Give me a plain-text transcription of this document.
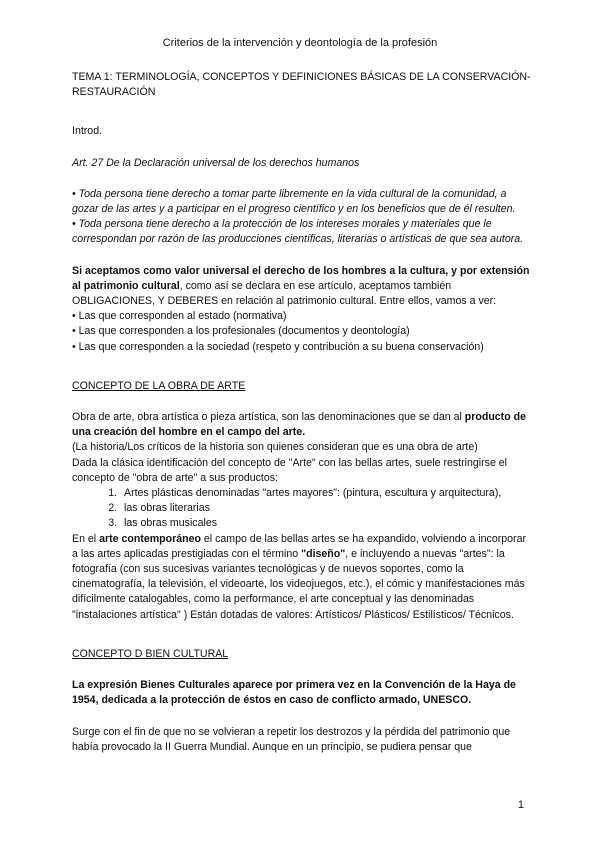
Criterios de la intervención y deontología de la profesión

TEMA 1: TERMINOLOGÍA, CONCEPTOS Y DEFINICIONES BÁSICAS DE LA CONSERVACIÓN-RESTAURACIÓN

Introd.

Art. 27 De la Declaración universal de los derechos humanos

• Toda persona tiene derecho a tomar parte libremente en la vida cultural de la comunidad, a gozar de las artes y a participar en el progreso científico y en los beneficios que de él resulten.

• Toda persona tiene derecho a la protección de los intereses morales y materiales que le correspondan por razón de las producciones científicas, literarias o artísticas de que sea autora.

Si aceptamos como valor universal el derecho de los hombres a la cultura, y por extensión al patrimonio cultural, como así se declara en ese artículo, aceptamos también OBLIGACIONES, Y DEBERES en relación al patrimonio cultural. Entre ellos, vamos a ver:

• Las que corresponden al estado (normativa)

• Las que corresponden a los profesionales (documentos y deontología)

• Las que corresponden a la sociedad (respeto y contribución a su buena conservación)

CONCEPTO DE LA OBRA DE ARTE

Obra de arte, obra artística o pieza artística, son las denominaciones que se dan al producto de una creación del hombre en el campo del arte.

(La historia/Los críticos de la historia son quienes consideran que es una obra de arte)

Dada la clásica identificación del concepto de "Arte" con las bellas artes, suele restringirse el concepto de "obra de arte" a sus productos:

1. Artes plásticas denominadas "artes mayores": (pintura, escultura y arquitectura),
2. las obras literarias
3. las obras musicales

En el arte contemporáneo el campo de las bellas artes se ha expandido, volviendo a incorporar a las artes aplicadas prestigiadas con el término "diseño", e incluyendo a nuevas "artes": la fotografía (con sus sucesivas variantes tecnológicas y de nuevos soportes, como la cinematografía, la televisión, el videoarte, los videojuegos, etc.), el cómic y manifestaciones más difícilmente catalogables, como la performance, el arte conceptual y las denominadas "instalaciones artística" ) Están dotadas de valores: Artísticos/ Plásticos/ Estilísticos/ Técnicos.

CONCEPTO D BIEN CULTURAL

La expresión Bienes Culturales aparece por primera vez en la Convención de la Haya de 1954, dedicada a la protección de éstos en caso de conflicto armado, UNESCO.

Surge con el fin de que no se volvieran a repetir los destrozos y la pérdida del patrimonio que había provocado la II Guerra Mundial. Aunque en un principio, se pudiera pensar que

1
